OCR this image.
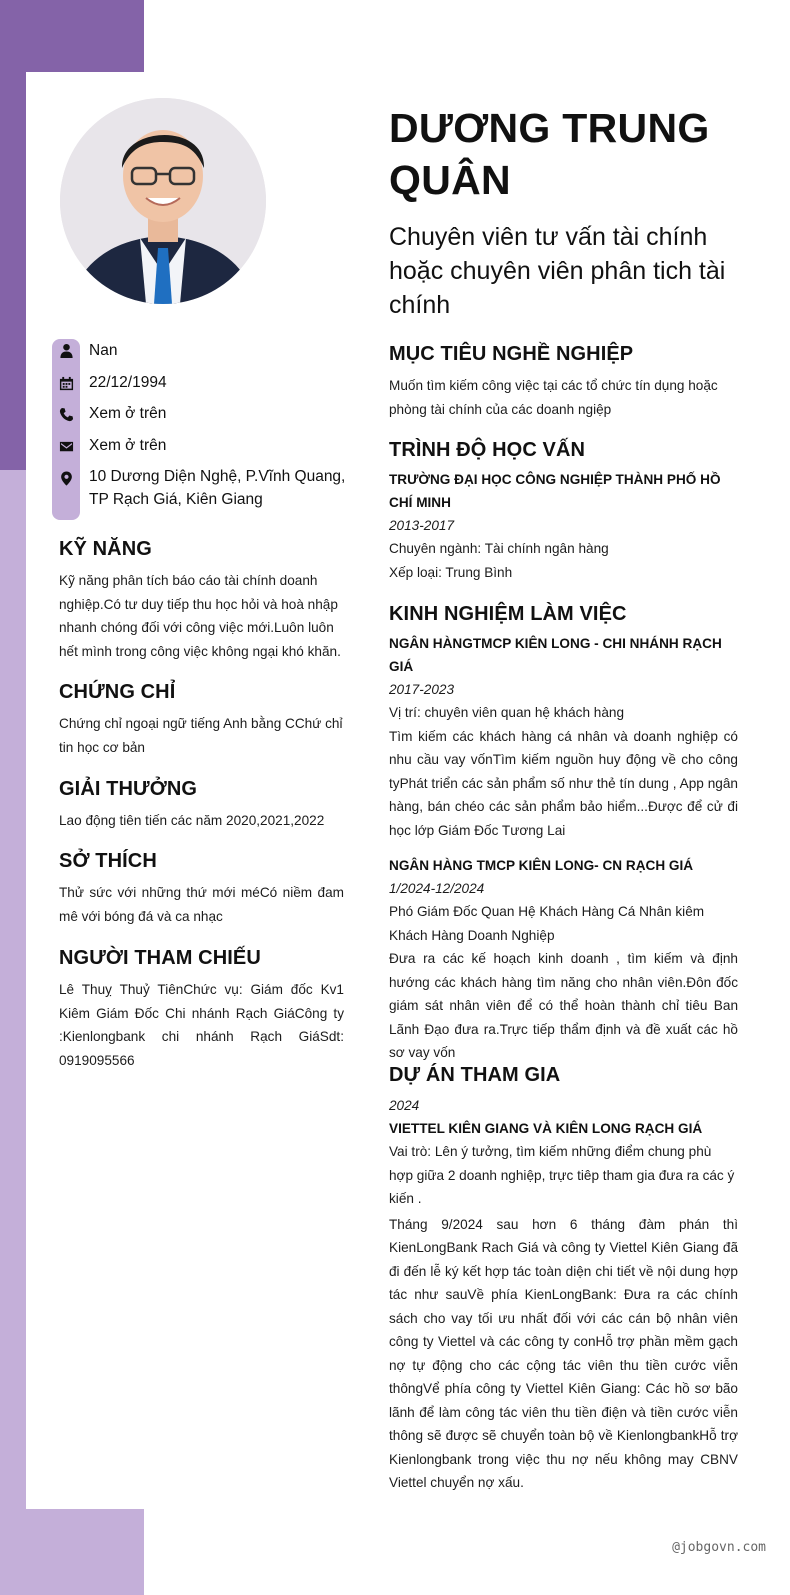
Nan
22/12/1994
Xem ở trên
Xem ở trên
10 Dương Diện Nghệ, P.Vĩnh Quang, TP Rạch Giá, Kiên Giang
KỸ NĂNG
Kỹ năng phân tích báo cáo tài chính doanh nghiệp.Có tư duy tiếp thu học hỏi và hoà nhập nhanh chóng đối với công việc mới.Luôn luôn hết mình trong công việc không ngại khó khăn.
CHỨNG CHỈ
Chứng chỉ ngoại ngữ tiếng Anh bằng CChứ chỉ tin học cơ bản
GIẢI THƯỞNG
Lao động tiên tiến các năm 2020,2021,2022
SỞ THÍCH
Thử sức với những thứ mới méCó niềm đam mê với bóng đá và ca nhạc
NGƯỜI THAM CHIẾU
Lê Thuỵ Thuỷ TiênChức vụ: Giám đốc Kv1 Kiêm Giám Đốc Chi nhánh Rạch GiáCông ty :Kienlongbank chi nhánh Rạch GiáSdt: 0919095566
DƯƠNG TRUNG QUÂN
Chuyên viên tư vấn tài chính hoặc chuyên viên phân tich tài chính
MỤC TIÊU NGHỀ NGHIỆP
Muốn tìm kiếm công việc tại các tổ chức tín dụng hoặc phòng tài chính của các doanh ngiệp
TRÌNH ĐỘ HỌC VẤN
TRƯỜNG ĐẠI HỌC CÔNG NGHIỆP THÀNH PHỐ HỒ CHÍ MINH
2013-2017
Chuyên ngành: Tài chính ngân hàng
Xếp loại: Trung Bình
KINH NGHIỆM LÀM VIỆC
NGÂN HÀNGTMCP KIÊN LONG - CHI NHÁNH RẠCH GIÁ
2017-2023
Vị trí: chuyên viên quan hệ khách hàng
Tìm kiếm các khách hàng cá nhân và doanh nghiệp có nhu cầu vay vốnTìm kiếm nguồn huy động về cho công tyPhát triển các sản phẩm số như thẻ tín dung , App ngân hàng, bán chéo các sản phẩm bảo hiểm...Được để cử đi học lớp Giám Đốc Tương Lai
NGÂN HÀNG TMCP KIÊN LONG- CN RẠCH GIÁ
1/2024-12/2024
Phó Giám Đốc Quan Hệ Khách Hàng Cá Nhân kiêm Khách Hàng Doanh Nghiệp
Đưa ra các kế hoạch kinh doanh , tìm kiếm và định hướng các khách hàng tìm năng cho nhân viên.Đôn đốc giám sát nhân viên để có thể hoàn thành chỉ tiêu Ban Lãnh Đạo đưa ra.Trực tiếp thẩm định và đề xuất các hồ sơ vay vốn
DỰ ÁN THAM GIA
2024
VIETTEL KIÊN GIANG VÀ KIÊN LONG RẠCH GIÁ
Vai trò: Lên ý tưởng, tìm kiếm những điểm chung phù hợp giữa 2 doanh nghiệp, trực tiêp tham gia đưa ra các ý kiến .
Tháng 9/2024 sau hơn 6 tháng đàm phán thì KienLongBank Rach Giá và công ty Viettel Kiên Giang đã đi đến lễ ký kết hợp tác toàn diện chi tiết về nội dung hợp tác như sauVề phía KienLongBank: Đưa ra các chính sách cho vay tối ưu nhất đối với các cán bộ nhân viên công ty Viettel và các công ty conHỗ trợ phần mềm gạch nợ tự động cho các cộng tác viên thu tiền cước viễn thôngVể phía công ty Viettel Kiên Giang: Các hồ sơ bão lãnh để làm công tác viên thu tiền điện và tiền cước viễn thông sẽ được sẽ chuyển toàn bộ về KienlongbankHỗ trợ Kienlongbank trong việc thu nợ nếu không may CBNV Viettel chuyển nợ xấu.
@jobgovn.com
